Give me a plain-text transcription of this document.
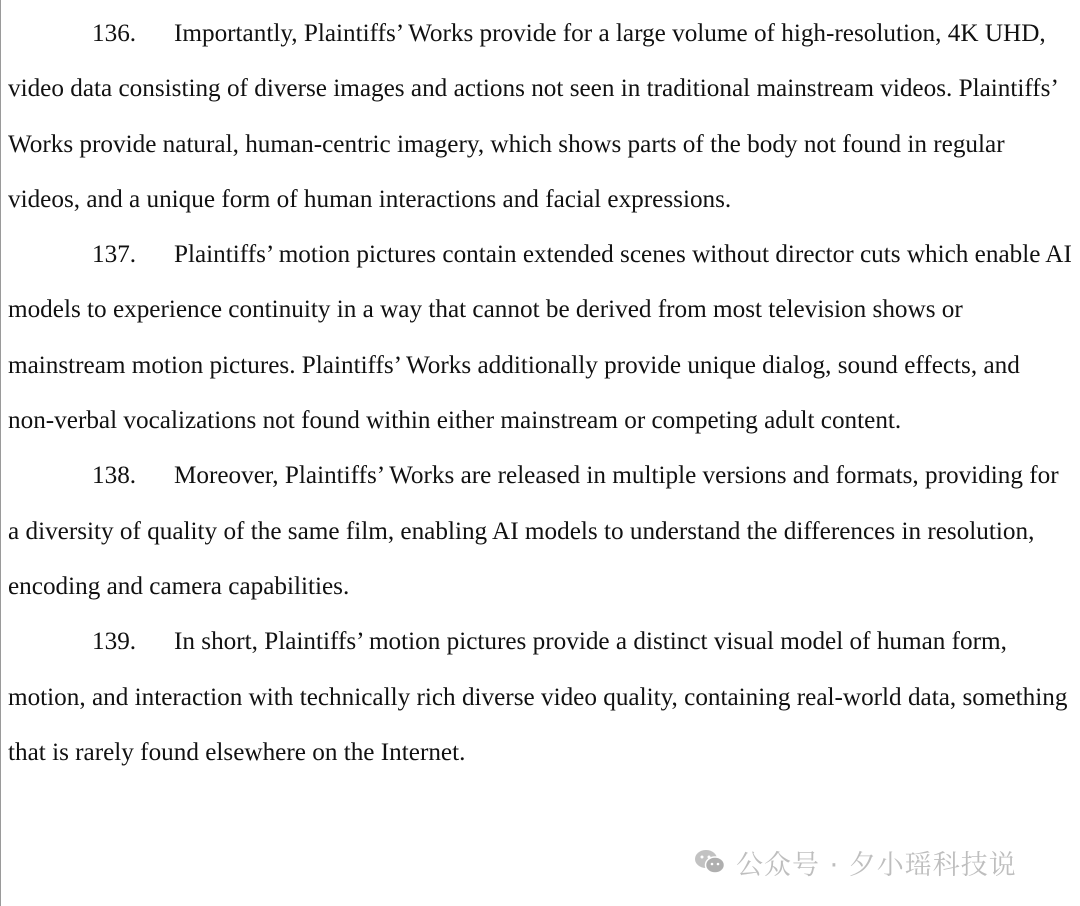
136. Importantly, Plaintiffs’ Works provide for a large volume of high-resolution, 4K UHD, video data consisting of diverse images and actions not seen in traditional mainstream videos. Plaintiffs’ Works provide natural, human-centric imagery, which shows parts of the body not found in regular videos, and a unique form of human interactions and facial expressions.

137. Plaintiffs’ motion pictures contain extended scenes without director cuts which enable AI models to experience continuity in a way that cannot be derived from most television shows or mainstream motion pictures. Plaintiffs’ Works additionally provide unique dialog, sound effects, and non-verbal vocalizations not found within either mainstream or competing adult content.

138. Moreover, Plaintiffs’ Works are released in multiple versions and formats, providing for a diversity of quality of the same film, enabling AI models to understand the differences in resolution, encoding and camera capabilities.

139. In short, Plaintiffs’ motion pictures provide a distinct visual model of human form, motion, and interaction with technically rich diverse video quality, containing real-world data, something that is rarely found elsewhere on the Internet.

公众号 · 夕小瑶科技说
